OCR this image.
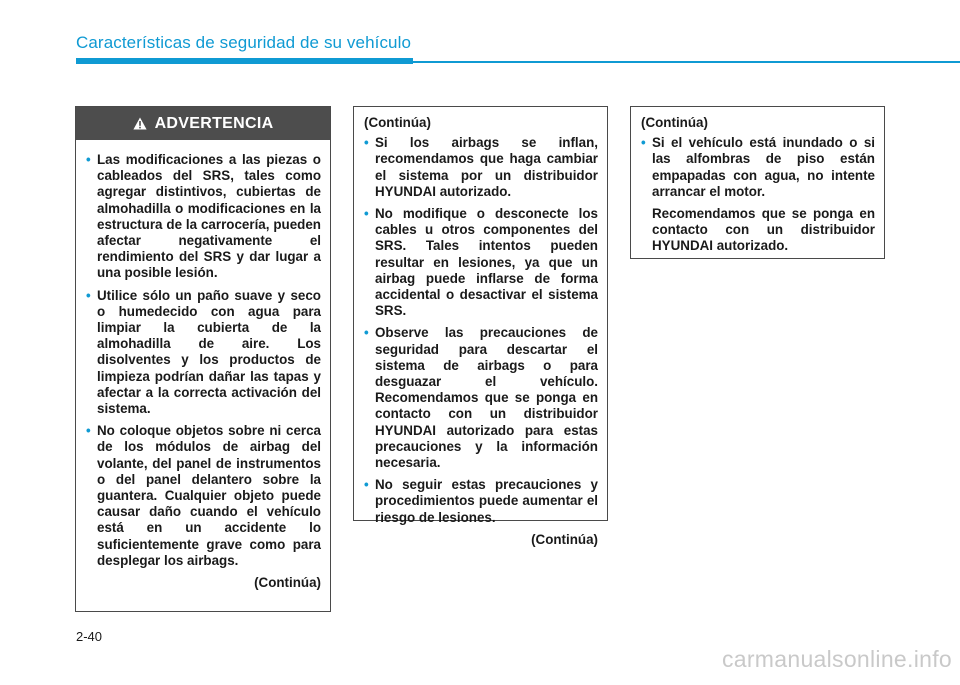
Características de seguridad de su vehículo
ADVERTENCIA
• Las modificaciones a las piezas o cableados del SRS, tales como agregar distintivos, cubiertas de almohadilla o modificaciones en la estructura de la carrocería, pueden afectar negativamente el rendimiento del SRS y dar lugar a una posible lesión.
• Utilice sólo un paño suave y seco o humedecido con agua para limpiar la cubierta de la almohadilla de aire. Los disolventes y los productos de limpieza podrían dañar las tapas y afectar a la correcta activación del sistema.
• No coloque objetos sobre ni cerca de los módulos de airbag del volante, del panel de instrumentos o del panel delantero sobre la guantera. Cualquier objeto puede causar daño cuando el vehículo está en un accidente lo suficientemente grave como para desplegar los airbags.
(Continúa)
(Continúa)
• Si los airbags se inflan, recomendamos que haga cambiar el sistema por un distribuidor HYUNDAI autorizado.
• No modifique o desconecte los cables u otros componentes del SRS. Tales intentos pueden resultar en lesiones, ya que un airbag puede inflarse de forma accidental o desactivar el sistema SRS.
• Observe las precauciones de seguridad para descartar el sistema de airbags o para desguazar el vehículo. Recomendamos que se ponga en contacto con un distribuidor HYUNDAI autorizado para estas precauciones y la información necesaria.
• No seguir estas precauciones y procedimientos puede aumentar el riesgo de lesiones.
(Continúa)
(Continúa)
• Si el vehículo está inundado o si las alfombras de piso están empapadas con agua, no intente arrancar el motor.
Recomendamos que se ponga en contacto con un distribuidor HYUNDAI autorizado.
2-40
carmanualsonline.info
